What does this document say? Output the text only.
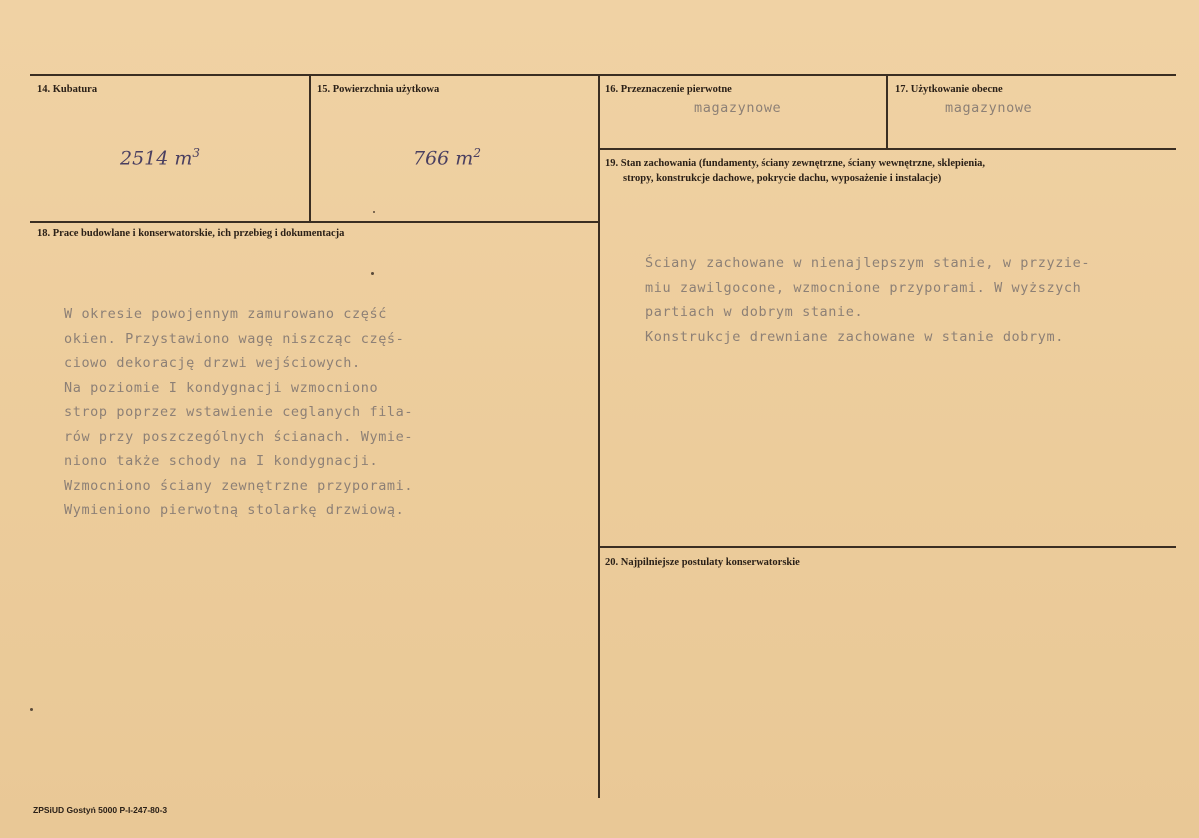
14. Kubatura
2514 $m^3$
15. Powierzchnia użytkowa
766 $m^2$
16. Przeznaczenie pierwotne
magazynowe
17. Użytkowanie obecne
magazynowe
18. Prace budowlane i konserwatorskie, ich przebieg i dokumentacja
W okresie powojennym zamurowano część
okien. Przystawiono wagę niszcząc częś-
ciowo dekorację drzwi wejściowych.
Na poziomie I kondygnacji wzmocniono
strop poprzez wstawienie ceglanych fila-
rów przy poszczególnych ścianach. Wymie-
niono także schody na I kondygnacji.
Wzmocniono ściany zewnętrzne przyporami.
Wymieniono pierwotną stolarkę drzwiową.
19. Stan zachowania (fundamenty, ściany zewnętrzne, ściany wewnętrzne, sklepienia,
stropy, konstrukcje dachowe, pokrycie dachu, wyposażenie i instalacje)
Ściany zachowane w nienajlepszym stanie, w przyzie-
miu zawilgocone, wzmocnione przyporami. W wyższych
partiach w dobrym stanie.
Konstrukcje drewniane zachowane w stanie dobrym.
20. Najpilniejsze postulaty konserwatorskie
ZPSiUD Gostyń 5000 P-I-247-80-3
